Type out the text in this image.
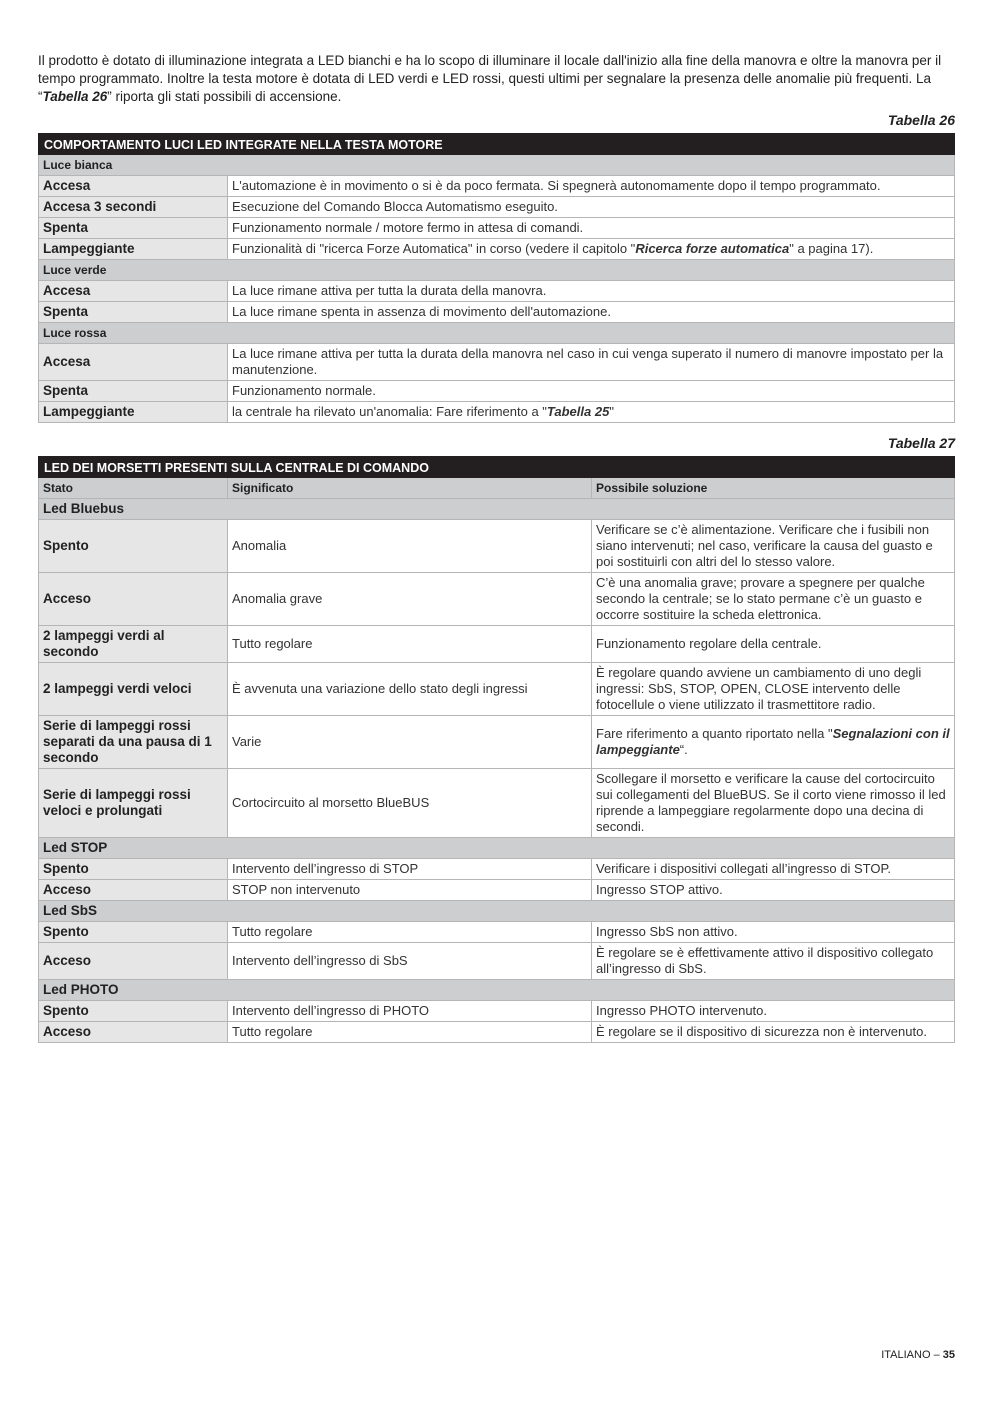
Il prodotto è dotato di illuminazione integrata a LED bianchi e ha lo scopo di illuminare il locale dall'inizio alla fine della manovra e oltre la manovra per il tempo programmato. Inoltre la testa motore è dotata di LED verdi e LED rossi, questi ultimi per segnalare la presenza delle anomalie più frequenti. La “Tabella 26” riporta gli stati possibili di accensione.

Tabella 26
COMPORTAMENTO LUCI LED INTEGRATE NELLA TESTA MOTORE	
Luce bianca	
Accesa	L'automazione è in movimento o si è da poco fermata. Si spegnerà autonomamente dopo il tempo programmato.
Accesa 3 secondi	Esecuzione del Comando Blocca Automatismo eseguito.
Spenta	Funzionamento normale / motore fermo in attesa di comandi.
Lampeggiante	Funzionalità di "ricerca Forze Automatica" in corso (vedere il capitolo "Ricerca forze automatica" a pagina 17).
Luce verde	
Accesa	La luce rimane attiva per tutta la durata della manovra.
Spenta	La luce rimane spenta in assenza di movimento dell'automazione.
Luce rossa	
Accesa	La luce rimane attiva per tutta la durata della manovra nel caso in cui venga superato il numero di manovre impostato per la manutenzione.
Spenta	Funzionamento normale.
Lampeggiante	la centrale ha rilevato un'anomalia: Fare riferimento a "Tabella 25"
Tabella 27
LED DEI MORSETTI PRESENTI SULLA CENTRALE DI COMANDO		
Stato	Significato	Possibile soluzione
Led Bluebus		
Spento	Anomalia	Verificare se c’è alimentazione. Verificare che i fusibili non siano intervenuti; nel caso, verificare la causa del guasto e poi sostituirli con altri del lo stesso valore.
Acceso	Anomalia grave	C’è una anomalia grave; provare a spegnere per qualche secondo la centrale; se lo stato permane c’è un guasto e occorre sostituire la scheda elettronica.
2 lampeggi verdi al secondo	Tutto regolare	Funzionamento regolare della centrale.
2 lampeggi verdi veloci	È avvenuta una variazione dello stato degli ingressi	È regolare quando avviene un cambiamento di uno degli ingressi: SbS, STOP, OPEN, CLOSE intervento delle fotocellule o viene utilizzato il trasmettitore radio.
Serie di lampeggi rossi separati da una pausa di 1 secondo	Varie	Fare riferimento a quanto riportato nella "Segnalazioni con il lampeggiante“.
Serie di lampeggi rossi veloci e prolungati	Cortocircuito al morsetto BlueBUS	Scollegare il morsetto e verificare la cause del cortocircuito sui collegamenti del BlueBUS. Se il corto viene rimosso il led riprende a lampeggiare regolarmente dopo una decina di secondi.
Led STOP		
Spento	Intervento dell’ingresso di STOP	Verificare i dispositivi collegati all’ingresso di STOP.
Acceso	STOP non intervenuto	Ingresso STOP attivo.
Led SbS		
Spento	Tutto regolare	Ingresso SbS non attivo.
Acceso	Intervento dell’ingresso di SbS	È regolare se è effettivamente attivo il dispositivo collegato all’ingresso di SbS.
Led PHOTO		
Spento	Intervento dell’ingresso di PHOTO	Ingresso PHOTO intervenuto.
Acceso	Tutto regolare	È regolare se il dispositivo di sicurezza non è intervenuto.
ITALIANO – 35
